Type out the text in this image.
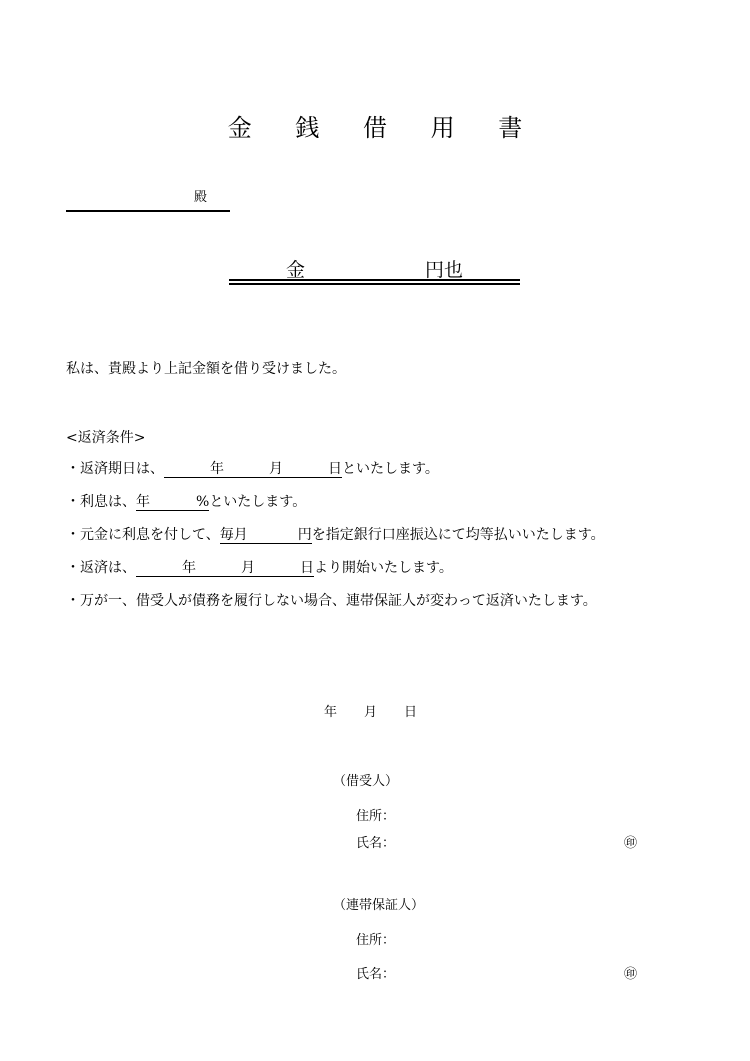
金 銭 借 用 書
殿
金	円也
私は、貴殿より上記金額を借り受けました。
<返済条件>
・返済期日は、	年	月	日といたします。
・利息は、年	%といたします。
・元金に利息を付して、毎月	円を指定銀行口座振込にて均等払いいたします。
・返済は、	年	月	日より開始いたします。
・万が一、借受人が債務を履行しない場合、連帯保証人が変わって返済いたします。
年 月 日
（借受人）
住所：
氏名：	㊞
（連帯保証人）
住所：
氏名：	㊞
